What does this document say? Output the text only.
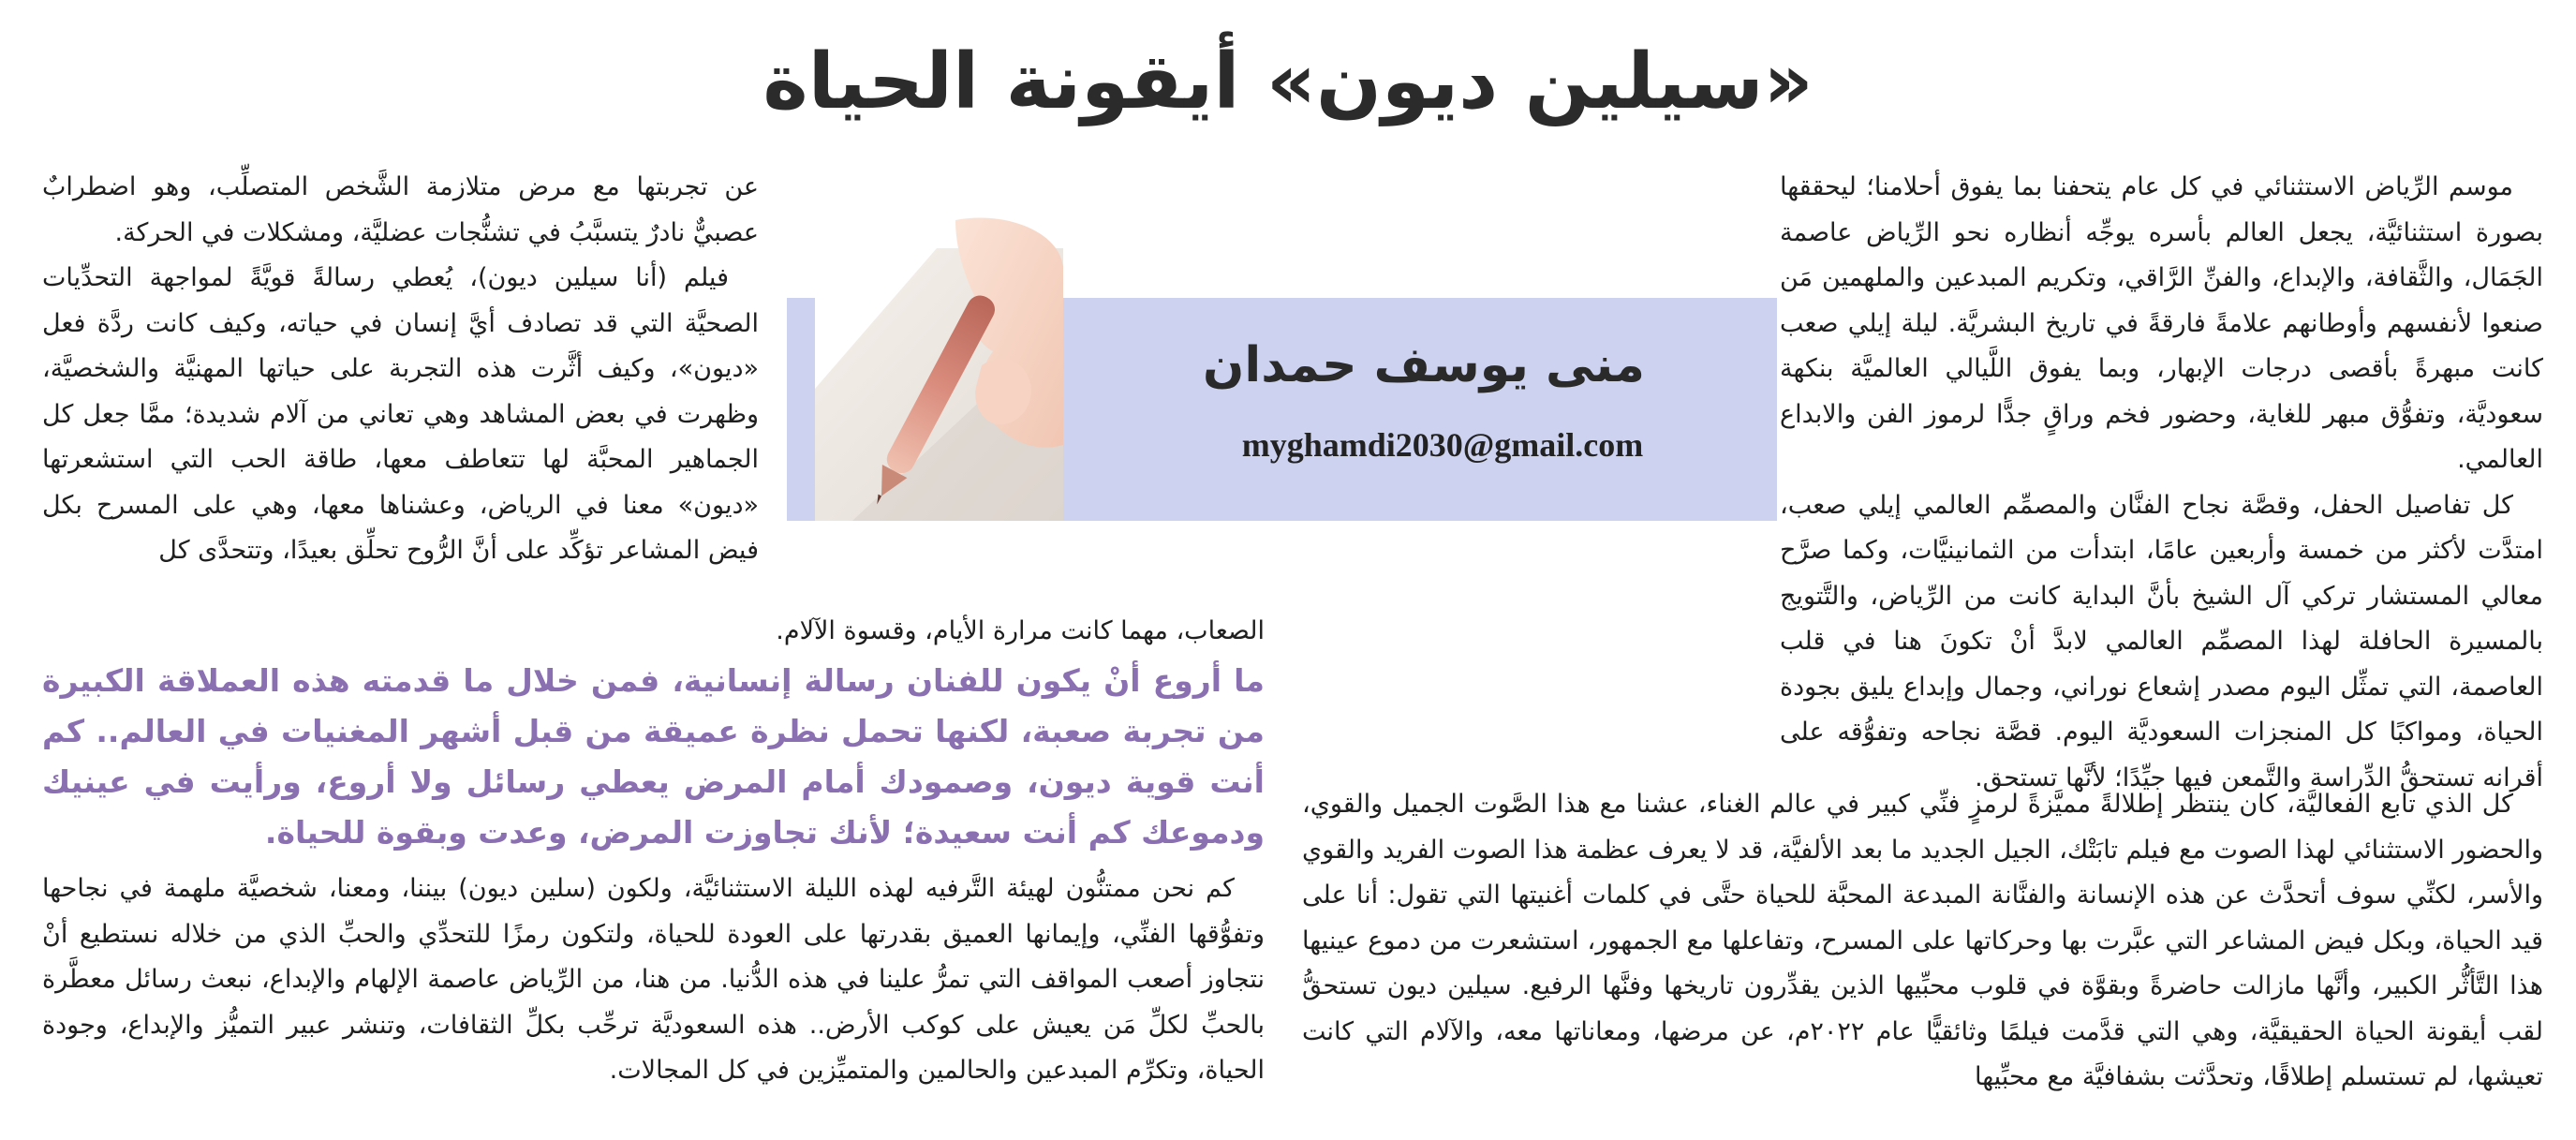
«سيلين ديون» أيقونة الحياة
منى يوسف حمدان
myghamdi2030@gmail.com

موسم الرِّياض الاستثنائي في كل عام يتحفنا بما يفوق أحلامنا؛ ليحققها بصورة استثنائيَّة، يجعل العالم بأسره يوجِّه أنظاره نحو الرِّياض عاصمة الجَمَال، والثَّقافة، والإبداع، والفنِّ الرَّاقي، وتكريم المبدعين والملهمين مَن صنعوا لأنفسهم وأوطانهم علامةً فارقةً في تاريخ البشريَّة. ليلة إيلي صعب كانت مبهرةً بأقصى درجات الإبهار، وبما يفوق اللَّيالي العالميَّة بنكهة سعوديَّة، وتفوُّق مبهر للغاية، وحضور فخم وراقٍ جدًّا لرموز الفن والابداع العالمي.

كل تفاصيل الحفل، وقصَّة نجاح الفنَّان والمصمِّم العالمي إيلي صعب، امتدَّت لأكثر من خمسة وأربعين عامًا، ابتدأت من الثمانينيَّات، وكما صرَّح معالي المستشار تركي آل الشيخ بأنَّ البداية كانت من الرِّياض، والتَّتويج بالمسيرة الحافلة لهذا المصمِّم العالمي لابدَّ أنْ تكونَ هنا في قلب العاصمة، التي تمثِّل اليوم مصدر إشعاع نوراني، وجمال وإبداع يليق بجودة الحياة، ومواكبًا كل المنجزات السعوديَّة اليوم. قصَّة نجاحه وتفوُّقه على أقرانه تستحقُّ الدِّراسة والتَّمعن فيها جيِّدًا؛ لأنَّها تستحق.

عن تجربتها مع مرض متلازمة الشَّخص المتصلِّب، وهو اضطرابٌ عصبيٌّ نادرٌ يتسبَّبُ في تشنُّجات عضليَّة، ومشكلات في الحركة.

فيلم (أنا سيلين ديون)، يُعطي رسالةً قويَّةً لمواجهة التحدِّيات الصحيَّة التي قد تصادف أيَّ إنسان في حياته، وكيف كانت ردَّة فعل «ديون»، وكيف أثَّرت هذه التجربة على حياتها المهنيَّة والشخصيَّة، وظهرت في بعض المشاهد وهي تعاني من آلام شديدة؛ ممَّا جعل كل الجماهير المحبَّة لها تتعاطف معها، طاقة الحب التي استشعرتها «ديون» معنا في الرياض، وعشناها معها، وهي على المسرح بكل فيض المشاعر تؤكِّد على أنَّ الرُّوح تحلِّق بعيدًا، وتتحدَّى كل

الصعاب، مهما كانت مرارة الأيام، وقسوة الآلام.

ما أروع أنْ يكون للفنان رسالة إنسانية، فمن خلال ما قدمته هذه العملاقة الكبيرة من تجربة صعبة، لكنها تحمل نظرة عميقة من قبل أشهر المغنيات في العالم.. كم أنت قوية ديون، وصمودك أمام المرض يعطي رسائل ولا أروع، ورأيت في عينيك ودموعك كم أنت سعيدة؛ لأنك تجاوزت المرض، وعدت وبقوة للحياة.

كل الذي تابع الفعاليَّة، كان ينتظر إطلالةً مميَّزةً لرمزٍ فنِّي كبير في عالم الغناء، عشنا مع هذا الصَّوت الجميل والقوي، والحضور الاستثنائي لهذا الصوت مع فيلم تابَتْك، الجيل الجديد ما بعد الألفيَّة، قد لا يعرف عظمة هذا الصوت الفريد والقوي والأسر، لكنِّي سوف أتحدَّث عن هذه الإنسانة والفنَّانة المبدعة المحبَّة للحياة حتَّى في كلمات أغنيتها التي تقول: أنا على قيد الحياة، وبكل فيض المشاعر التي عبَّرت بها وحركاتها على المسرح، وتفاعلها مع الجمهور، استشعرت من دموع عينيها هذا التَّأثُّر الكبير، وأنَّها مازالت حاضرةً وبقوَّة في قلوب محبِّيها الذين يقدِّرون تاريخها وفنَّها الرفيع. سيلين ديون تستحقُّ لقب أيقونة الحياة الحقيقيَّة، وهي التي قدَّمت فيلمًا وثائقيًّا عام ٢٠٢٢م، عن مرضها، ومعاناتها معه، والآلام التي كانت تعيشها، لم تستسلم إطلاقًا، وتحدَّثت بشفافيَّة مع محبِّيها

كم نحن ممتنُّون لهيئة التَّرفيه لهذه الليلة الاستثنائيَّة، ولكون (سلين ديون) بيننا، ومعنا، شخصيَّة ملهمة في نجاحها وتفوُّقها الفنِّي، وإيمانها العميق بقدرتها على العودة للحياة، ولتكون رمزًا للتحدِّي والحبِّ الذي من خلاله نستطيع أنْ نتجاوز أصعب المواقف التي تمرُّ علينا في هذه الدُّنيا. من هنا، من الرِّياض عاصمة الإلهام والإبداع، نبعث رسائل معطَّرة بالحبِّ لكلِّ مَن يعيش على كوكب الأرض.. هذه السعوديَّة ترحِّب بكلِّ الثقافات، وتنشر عبير التميُّز والإبداع، وجودة الحياة، وتكرِّم المبدعين والحالمين والمتميِّزين في كل المجالات.
